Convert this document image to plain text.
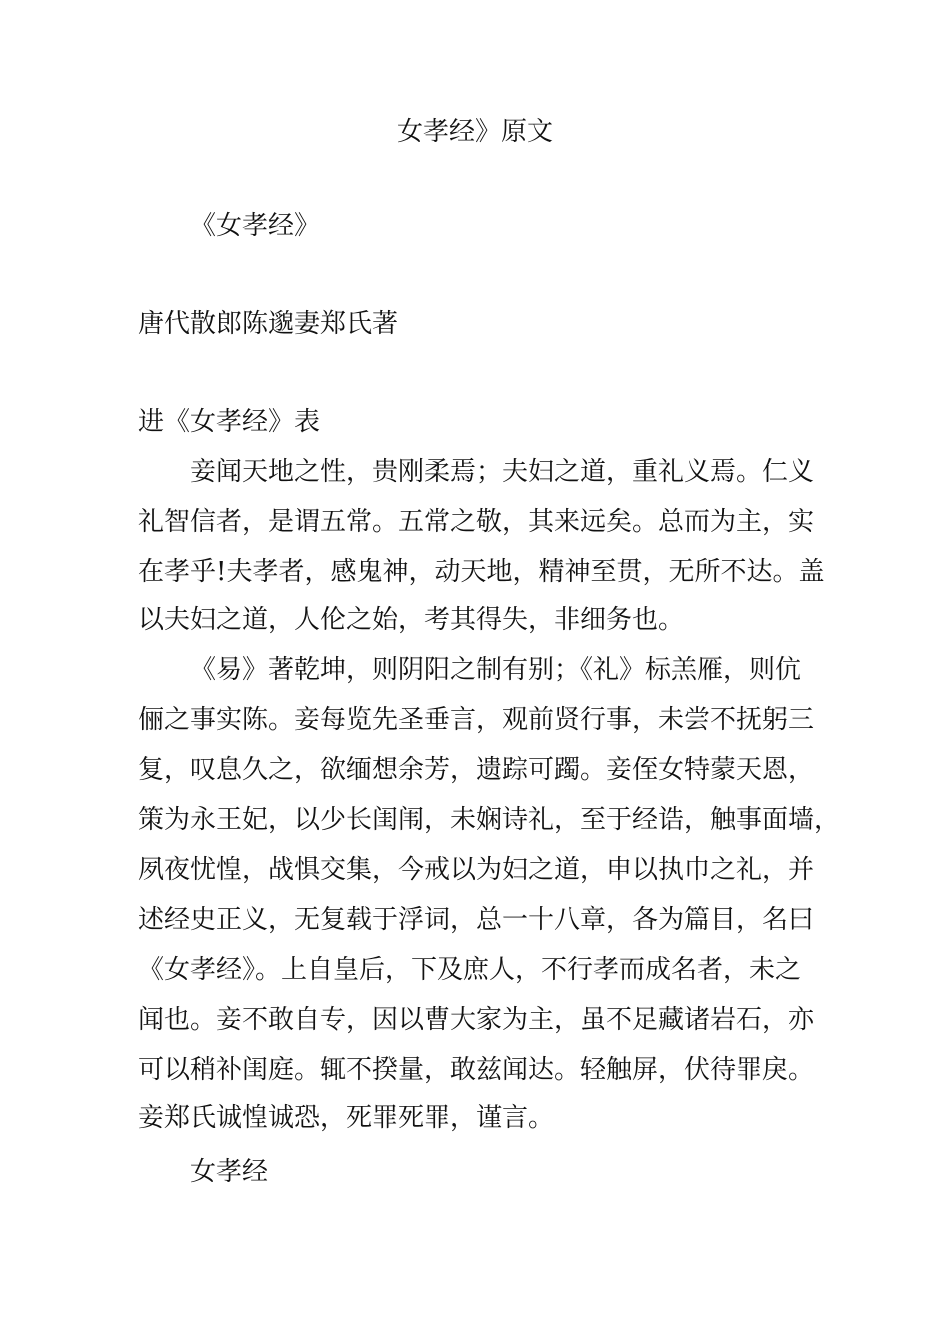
女孝经》原文
《女孝经》
唐代散郎陈邈妻郑氏著
进《女孝经》表
妾闻天地之性，贵刚柔焉；夫妇之道，重礼义焉。仁义
礼智信者，是谓五常。五常之敬，其来远矣。总而为主，实
在孝乎!夫孝者，感鬼神，动天地，精神至贯，无所不达。盖
以夫妇之道，人伦之始，考其得失，非细务也。
《易》著乾坤，则阴阳之制有别；《礼》标羔雁，则伉
俪之事实陈。妾每览先圣垂言，观前贤行事，未尝不抚躬三
复，叹息久之，欲缅想余芳，遗踪可躅。妾侄女特蒙天恩，
策为永王妃，以少长闺闱，未娴诗礼，至于经诰，触事面墙，
夙夜忧惶，战惧交集，今戒以为妇之道，申以执巾之礼，并
述经史正义，无复载于浮词，总一十八章，各为篇目，名曰
《女孝经》。上自皇后，下及庶人，不行孝而成名者，未之
闻也。妾不敢自专，因以曹大家为主，虽不足藏诸岩石，亦
可以稍补闺庭。辄不揆量，敢兹闻达。轻触屏，伏待罪戾。
妾郑氏诚惶诚恐，死罪死罪，谨言。
女孝经
